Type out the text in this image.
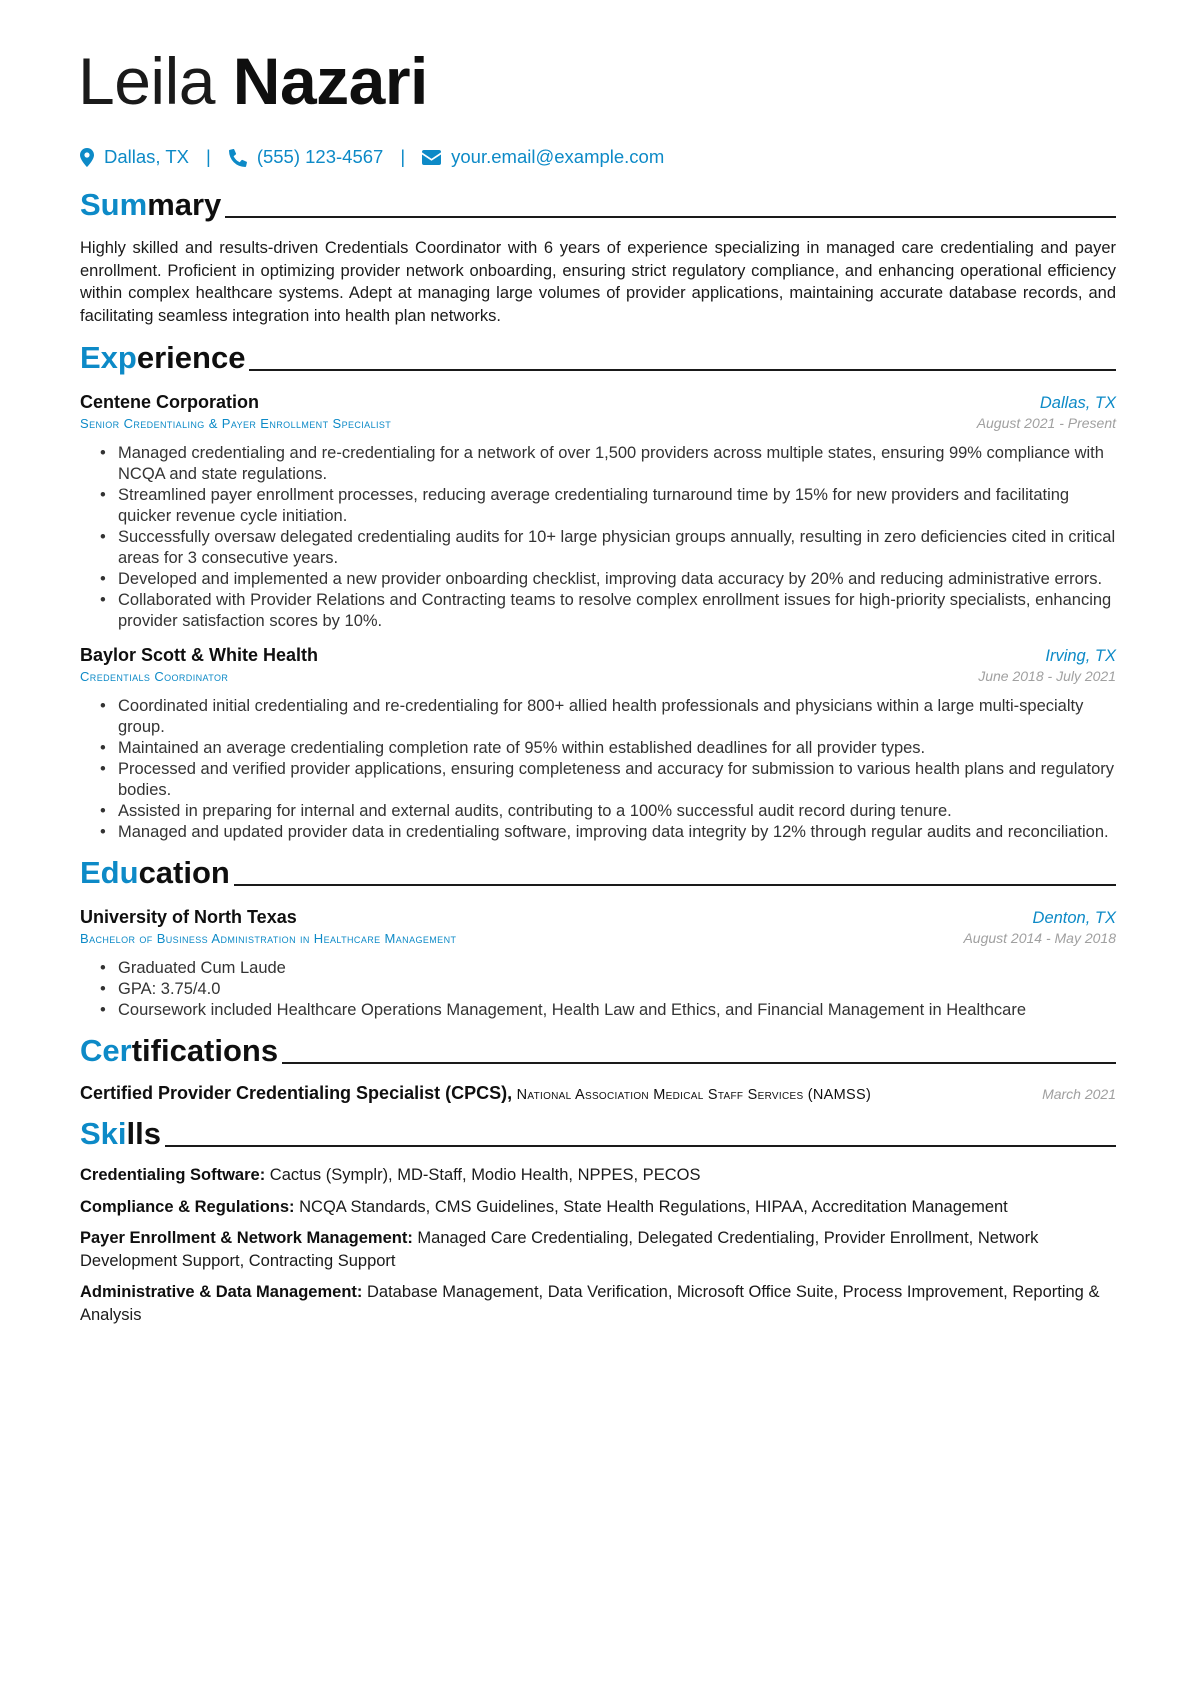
Leila Nazari
Dallas, TX | (555) 123-4567 | your.email@example.com
Sum mary

Highly skilled and results-driven Credentials Coordinator with 6 years of experience specializing in managed care credentialing and payer enrollment. Proficient in optimizing provider network onboarding, ensuring strict regulatory compliance, and enhancing operational efficiency within complex healthcare systems. Adept at managing large volumes of provider applications, maintaining accurate database records, and facilitating seamless integration into health plan networks.

Exp erience
Centene Corporation	Dallas, TX
Senior Credentialing & Payer Enrollment Specialist	August 2021 - Present
• Managed credentialing and re-credentialing for a network of over 1,500 providers across multiple states, ensuring 99% compliance with NCQA and state regulations.
• Streamlined payer enrollment processes, reducing average credentialing turnaround time by 15% for new providers and facilitating quicker revenue cycle initiation.
• Successfully oversaw delegated credentialing audits for 10+ large physician groups annually, resulting in zero deficiencies cited in critical areas for 3 consecutive years.
• Developed and implemented a new provider onboarding checklist, improving data accuracy by 20% and reducing administrative errors.
• Collaborated with Provider Relations and Contracting teams to resolve complex enrollment issues for high-priority specialists, enhancing provider satisfaction scores by 10%.
Baylor Scott & White Health	Irving, TX
Credentials Coordinator	June 2018 - July 2021
• Coordinated initial credentialing and re-credentialing for 800+ allied health professionals and physicians within a large multi-specialty group.
• Maintained an average credentialing completion rate of 95% within established deadlines for all provider types.
• Processed and verified provider applications, ensuring completeness and accuracy for submission to various health plans and regulatory bodies.
• Assisted in preparing for internal and external audits, contributing to a 100% successful audit record during tenure.
• Managed and updated provider data in credentialing software, improving data integrity by 12% through regular audits and reconciliation.
Edu cation
University of North Texas	Denton, TX
Bachelor of Business Administration in Healthcare Management	August 2014 - May 2018
• Graduated Cum Laude
• GPA: 3.75/4.0
• Coursework included Healthcare Operations Management, Health Law and Ethics, and Financial Management in Healthcare
Cer tifications
Certified Provider Credentialing Specialist (CPCS), National Association Medical Staff Services (NAMSS)	March 2021
Ski lls

Credentialing Software: Cactus (Symplr), MD-Staff, Modio Health, NPPES, PECOS

Compliance & Regulations: NCQA Standards, CMS Guidelines, State Health Regulations, HIPAA, Accreditation Management

Payer Enrollment & Network Management: Managed Care Credentialing, Delegated Credentialing, Provider Enrollment, Network Development Support, Contracting Support

Administrative & Data Management: Database Management, Data Verification, Microsoft Office Suite, Process Improvement, Reporting & Analysis
